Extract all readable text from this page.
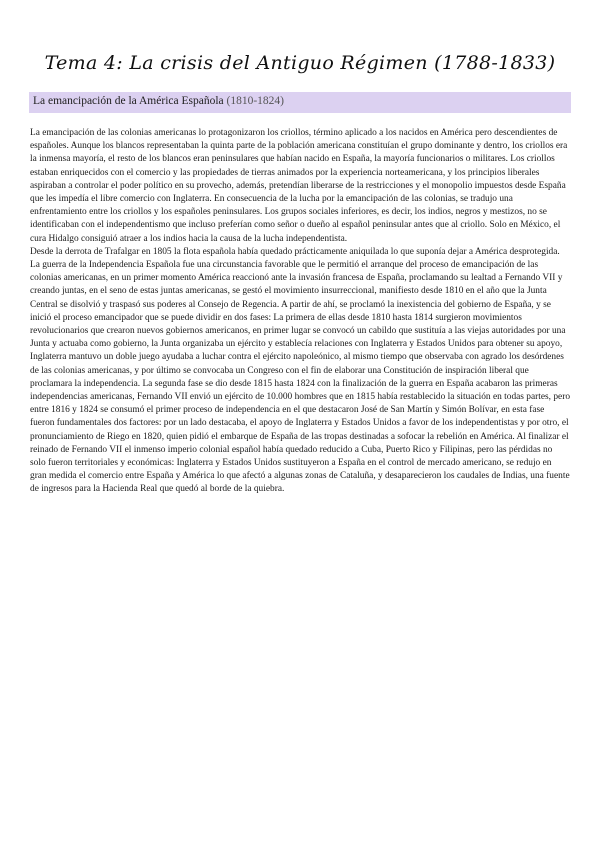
Tema 4: La crisis del Antiguo Régimen (1788-1833)
La emancipación de la América Española (1810-1824)

La emancipación de las colonias americanas lo protagonizaron los criollos, término aplicado a los nacidos en América pero descendientes de españoles. Aunque los blancos representaban la quinta parte de la población americana constituían el grupo dominante y dentro, los criollos era la inmensa mayoría, el resto de los blancos eran peninsulares que habían nacido en España, la mayoría funcionarios o militares. Los criollos estaban enriquecidos con el comercio y las propiedades de tierras animados por la experiencia norteamericana, y los principios liberales aspiraban a controlar el poder político en su provecho, además, pretendían liberarse de la restricciones y el monopolio impuestos desde España que les impedía el libre comercio con Inglaterra. En consecuencia de la lucha por la emancipación de las colonias, se tradujo una enfrentamiento entre los criollos y los españoles peninsulares. Los grupos sociales inferiores, es decir, los indios, negros y mestizos, no se identificaban con el independentismo que incluso preferían como señor o dueño al español peninsular antes que al criollo. Solo en México, el cura Hidalgo consiguió atraer a los indios hacia la causa de la lucha independentista.

Desde la derrota de Trafalgar en 1805 la flota española había quedado prácticamente aniquilada lo que suponía dejar a América desprotegida. La guerra de la Independencia Española fue una circunstancia favorable que le permitió el arranque del proceso de emancipación de las colonias americanas, en un primer momento América reaccionó ante la invasión francesa de España, proclamando su lealtad a Fernando VII y creando juntas, en el seno de estas juntas americanas, se gestó el movimiento insurreccional, manifiesto desde 1810 en el año que la Junta Central se disolvió y traspasó sus poderes al Consejo de Regencia. A partir de ahí, se proclamó la inexistencia del gobierno de España, y se inició el proceso emancipador que se puede dividir en dos fases: La primera de ellas desde 1810 hasta 1814 surgieron movimientos revolucionarios que crearon nuevos gobiernos americanos, en primer lugar se convocó un cabildo que sustituía a las viejas autoridades por una Junta y actuaba como gobierno, la Junta organizaba un ejército y establecía relaciones con Inglaterra y Estados Unidos para obtener su apoyo, Inglaterra mantuvo un doble juego ayudaba a luchar contra el ejército napoleónico, al mismo tiempo que observaba con agrado los desórdenes de las colonias americanas, y por último se convocaba un Congreso con el fin de elaborar una Constitución de inspiración liberal que proclamara la independencia. La segunda fase se dio desde 1815 hasta 1824 con la finalización de la guerra en España acabaron las primeras independencias americanas, Fernando VII envió un ejército de 10.000 hombres que en 1815 había restablecido la situación en todas partes, pero entre 1816 y 1824 se consumó el primer proceso de independencia en el que destacaron José de San Martín y Simón Bolívar, en esta fase fueron fundamentales dos factores: por un lado destacaba, el apoyo de Inglaterra y Estados Unidos a favor de los independentistas y por otro, el pronunciamiento de Riego en 1820, quien pidió el embarque de España de las tropas destinadas a sofocar la rebelión en América. Al finalizar el reinado de Fernando VII el inmenso imperio colonial español había quedado reducido a Cuba, Puerto Rico y Filipinas, pero las pérdidas no solo fueron territoriales y económicas: Inglaterra y Estados Unidos sustituyeron a España en el control de mercado americano, se redujo en gran medida el comercio entre España y América lo que afectó a algunas zonas de Cataluña, y desaparecieron los caudales de Indias, una fuente de ingresos para la Hacienda Real que quedó al borde de la quiebra.
